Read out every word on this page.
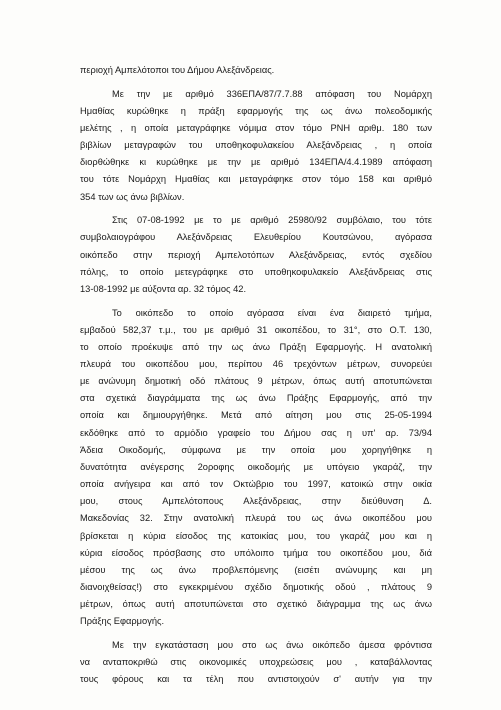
περιοχή Αμπελότοποι του Δήμου Αλεξάνδρειας.
Με την με αριθμό 336ΕΠΑ/87/7.7.88 απόφαση του Νομάρχη
Ημαθίας κυρώθηκε η πράξη εφαρμογής της ως άνω πολεοδομικής
μελέτης , η οποία μεταγράφηκε νόμιμα στον τόμο ΡΝΗ αριθμ. 180 των
βιβλίων μεταγραφών του υποθηκοφυλακείου Αλεξάνδρειας , η οποία
διορθώθηκε κι κυρώθηκε με την με αριθμό 134ΕΠΑ/4.4.1989 απόφαση
του τότε Νομάρχη Ημαθίας και μεταγράφηκε στον τόμο 158 και αριθμό
354 των ως άνω βιβλίων.
Στις 07-08-1992 με το με αριθμό 25980/92 συμβόλαιο, του τότε
συμβολαιογράφου Αλεξάνδρειας Ελευθερίου Κουτσώνου, αγόρασα
οικόπεδο στην περιοχή Αμπελοτόπων Αλεξάνδρειας, εντός σχεδίου
πόλης, το οποίο μετεγράφηκε στο υποθηκοφυλακείο Αλεξάνδρειας στις
13-08-1992 με αύξοντα αρ. 32 τόμος 42.
Το οικόπεδο το οποίο αγόρασα είναι ένα διαιρετό τμήμα,
εμβαδού 582,37 τ.μ., του με αριθμό 31 οικοπέδου, το 31°, στο Ο.Τ. 130,
το οποίο προέκυψε από την ως άνω Πράξη Εφαρμογής. Η ανατολική
πλευρά του οικοπέδου μου, περίπου 46 τρεχόντων μέτρων, συνορεύει
με ανώνυμη δημοτική οδό πλάτους 9 μέτρων, όπως αυτή αποτυπώνεται
στα σχετικά διαγράμματα της ως άνω Πράξης Εφαρμογής, από την
οποία και δημιουργήθηκε. Μετά από αίτηση μου στις 25-05-1994
εκδόθηκε από το αρμόδιο γραφείο του Δήμου σας η υπ' αρ. 73/94
Άδεια Οικοδομής, σύμφωνα με την οποία μου χορηγήθηκε η
δυνατότητα ανέγερσης 2οροφης οικοδομής με υπόγειο γκαράζ, την
οποία ανήγειρα και από τον Οκτώβριο του 1997, κατοικώ στην οικία
μου, στους Αμπελότοπους Αλεξάνδρειας, στην διεύθυνση Δ.
Μακεδονίας 32. Στην ανατολική πλευρά του ως άνω οικοπέδου μου
βρίσκεται η κύρια είσοδος της κατοικίας μου, του γκαράζ μου και η
κύρια είσοδος πρόσβασης στο υπόλοιπο τμήμα του οικοπέδου μου, διά
μέσου της ως άνω προβλεπόμενης (εισέτι ανώνυμης και μη
διανοιχθείσας!) στο εγκεκριμένου σχέδιο δημοτικής οδού , πλάτους 9
μέτρων, όπως αυτή αποτυπώνεται στο σχετικό διάγραμμα της ως άνω
Πράξης Εφαρμογής.
Με την εγκατάσταση μου στο ως άνω οικόπεδο άμεσα φρόντισα
να ανταποκριθώ στις οικονομικές υποχρεώσεις μου , καταβάλλοντας
τους φόρους και τα τέλη που αντιστοιχούν σ' αυτήν για την
